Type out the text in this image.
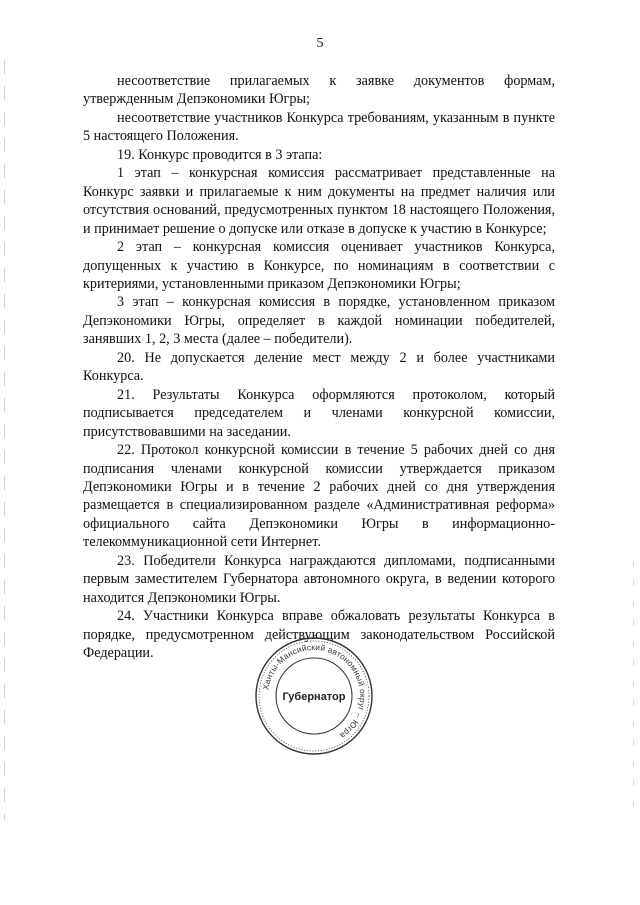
5

несоответствие прилагаемых к заявке документов формам, утвержденным Депэкономики Югры;

несоответствие участников Конкурса требованиям, указанным в пункте 5 настоящего Положения.

19. Конкурс проводится в 3 этапа:

1 этап – конкурсная комиссия рассматривает представленные на Конкурс заявки и прилагаемые к ним документы на предмет наличия или отсутствия оснований, предусмотренных пунктом 18 настоящего Положения, и принимает решение о допуске или отказе в допуске к участию в Конкурсе;

2 этап – конкурсная комиссия оценивает участников Конкурса, допущенных к участию в Конкурсе, по номинациям в соответствии с критериями, установленными приказом Депэкономики Югры;

3 этап – конкурсная комиссия в порядке, установленном приказом Депэкономики Югры, определяет в каждой номинации победителей, занявших 1, 2, 3 места (далее – победители).

20. Не допускается деление мест между 2 и более участниками Конкурса.

21. Результаты Конкурса оформляются протоколом, который подписывается председателем и членами конкурсной комиссии, присутствовавшими на заседании.

22. Протокол конкурсной комиссии в течение 5 рабочих дней со дня подписания членами конкурсной комиссии утверждается приказом Депэкономики Югры и в течение 2 рабочих дней со дня утверждения размещается в специализированном разделе «Административная реформа» официального сайта Депэкономики Югры в информационно-телекоммуникационной сети Интернет.

23. Победители Конкурса награждаются дипломами, подписанными первым заместителем Губернатора автономного округа, в ведении которого находится Депэкономики Югры.

24. Участники Конкурса вправе обжаловать результаты Конкурса в порядке, предусмотренном действующим законодательством Российской Федерации.

Ханты-Мансийский автономный округ – Югра
Губернатор
